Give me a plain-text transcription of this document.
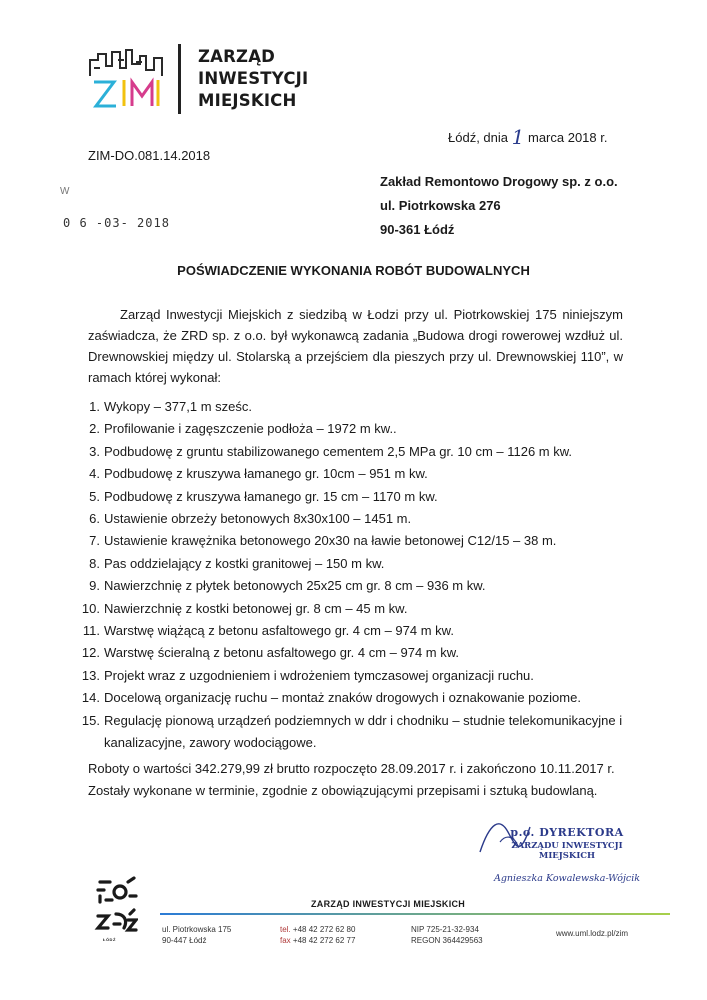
ZARZĄD
INWESTYCJI
MIEJSKICH
Łódź, dnia 1 marca 2018 r.
ZIM-DO.081.14.2018
W
0 6 -03- 2018
Zakład Remontowo Drogowy sp. z o.o.
ul. Piotrkowska 276
90-361 Łódź
POŚWIADCZENIE WYKONANIA ROBÓT BUDOWALNYCH
Zarząd Inwestycji Miejskich z siedzibą w Łodzi przy ul. Piotrkowskiej 175 niniejszym zaświadcza, że ZRD sp. z o.o. był wykonawcą zadania „Budowa drogi rowerowej wzdłuż ul. Drewnowskiej między ul. Stolarską a przejściem dla pieszych przy ul. Drewnowskiej 110”, w ramach której wykonał:
1. Wykopy – 377,1 m sześc.
2. Profilowanie i zagęszczenie podłoża – 1972 m kw..
3. Podbudowę z gruntu stabilizowanego cementem 2,5 MPa gr. 10 cm – 1126 m kw.
4. Podbudowę z kruszywa łamanego gr. 10cm – 951 m kw.
5. Podbudowę z kruszywa łamanego gr. 15 cm – 1170 m kw.
6. Ustawienie obrzeży betonowych 8x30x100 – 1451 m.
7. Ustawienie krawężnika betonowego 20x30 na ławie betonowej C12/15 – 38 m.
8. Pas oddzielający z kostki granitowej – 150 m kw.
9. Nawierzchnię z płytek betonowych 25x25 cm gr. 8 cm – 936 m kw.
10. Nawierzchnię z kostki betonowej gr. 8 cm – 45 m kw.
11. Warstwę wiążącą z betonu asfaltowego gr. 4 cm – 974 m kw.
12. Warstwę ścieralną z betonu asfaltowego gr. 4 cm – 974 m kw.
13. Projekt wraz z uzgodnieniem i wdrożeniem tymczasowej organizacji ruchu.
14. Docelową organizację ruchu – montaż znaków drogowych i oznakowanie poziome.
15. Regulację pionową urządzeń podziemnych w ddr i chodniku – studnie telekomunikacyjne i kanalizacyjne, zawory wodociągowe.
Roboty o wartości 342.279,99 zł brutto rozpoczęto 28.09.2017 r. i zakończono 10.11.2017 r.
Zostały wykonane w terminie, zgodnie z obowiązującymi przepisami i sztuką budowlaną.
p.o. DYREKTORA
ZARZĄDU INWESTYCJI MIEJSKICH
Agnieszka Kowalewska-Wójcik
ŁÓDŹ
ZARZĄD INWESTYCJI MIEJSKICH
ul. Piotrkowska 175
90-447 Łódź
tel. +48 42 272 62 80
fax +48 42 272 62 77
NIP 725-21-32-934
REGON 364429563
www.uml.lodz.pl/zim
